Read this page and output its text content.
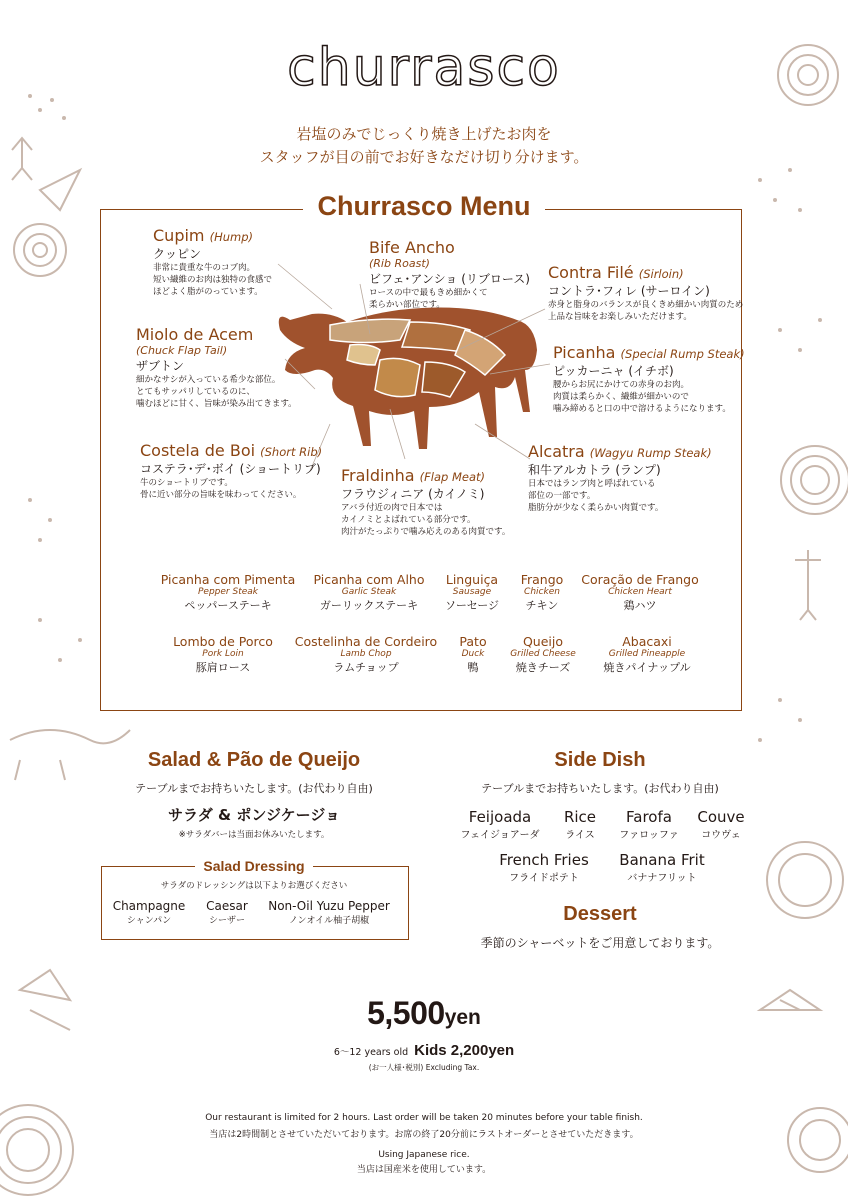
churrasco
岩塩のみでじっくり焼き上げたお肉を
スタッフが目の前でお好きなだけ切り分けます。
Churrasco Menu
Cupim (Hump)
クッピン
非常に貴重な牛のコブ肉。
短い繊維のお肉は独特の食感で
ほどよく脂がのっています。
Bife Ancho
(Rib Roast)
ビフェ･アンショ (リブロース)
ロースの中で最もきめ細かくて
柔らかい部位です。
Contra Filé (Sirloin)
コントラ･フィレ (サーロイン)
赤身と脂身のバランスが良くきめ細かい肉質のため
上品な旨味をお楽しみいただけます。
Miolo de Acem
(Chuck Flap Tail)
ザブトン
細かなサシが入っている希少な部位。
とてもサッパリしているのに、
噛むほどに甘く、旨味が染み出てきます。
Picanha (Special Rump Steak)
ピッカーニャ (イチボ)
腰からお尻にかけての赤身のお肉。
肉質は柔らかく、繊維が細かいので
噛み締めると口の中で溶けるようになります。
Costela de Boi (Short Rib)
コステラ･デ･ボイ (ショートリブ)
牛のショートリブです。
骨に近い部分の旨味を味わってください。
Fraldinha (Flap Meat)
フラウジィニア (カイノミ)
アバラ付近の肉で日本では
カイノミとよばれている部分です。
肉汁がたっぷりで噛み応えのある肉質です。
Alcatra (Wagyu Rump Steak)
和牛アルカトラ (ランプ)
日本ではランプ肉と呼ばれている
部位の一部です。
脂肪分が少なく柔らかい肉質です。
Picanha com Pimenta
Pepper Steak
ペッパーステーキ
Picanha com Alho
Garlic Steak
ガーリックステーキ
Linguiça
Sausage
ソーセージ
Frango
Chicken
チキン
Coração de Frango
Chicken Heart
鶏ハツ
Lombo de Porco
Pork Loin
豚肩ロース
Costelinha de Cordeiro
Lamb Chop
ラムチョップ
Pato
Duck
鴨
Queijo
Grilled Cheese
焼きチーズ
Abacaxi
Grilled Pineapple
焼きパイナップル
Salad & Pão de Queijo
テーブルまでお持ちいたします。(お代わり自由)
サラダ & ポンジケージョ
※サラダバーは当面お休みいたします。
Salad Dressing
サラダのドレッシングは以下よりお選びください
Champagne
シャンパン
Caesar
シーザー
Non-Oil Yuzu Pepper
ノンオイル柚子胡椒
Side Dish
テーブルまでお持ちいたします。(お代わり自由)
Feijoada
フェイジョアーダ
Rice
ライス
Farofa
ファロッファ
Couve
コウヴェ
French Fries
フライドポテト
Banana Frit
バナナフリット
Dessert
季節のシャーベットをご用意しております。
5,500yen
6〜12 years old Kids 2,200yen
(お一人様･税別) Excluding Tax.
Our restaurant is limited for 2 hours. Last order will be taken 20 minutes before your table finish.
当店は2時間制とさせていただいております。お席の終了20分前にラストオーダーとさせていただきます。
Using Japanese rice.
当店は国産米を使用しています。
